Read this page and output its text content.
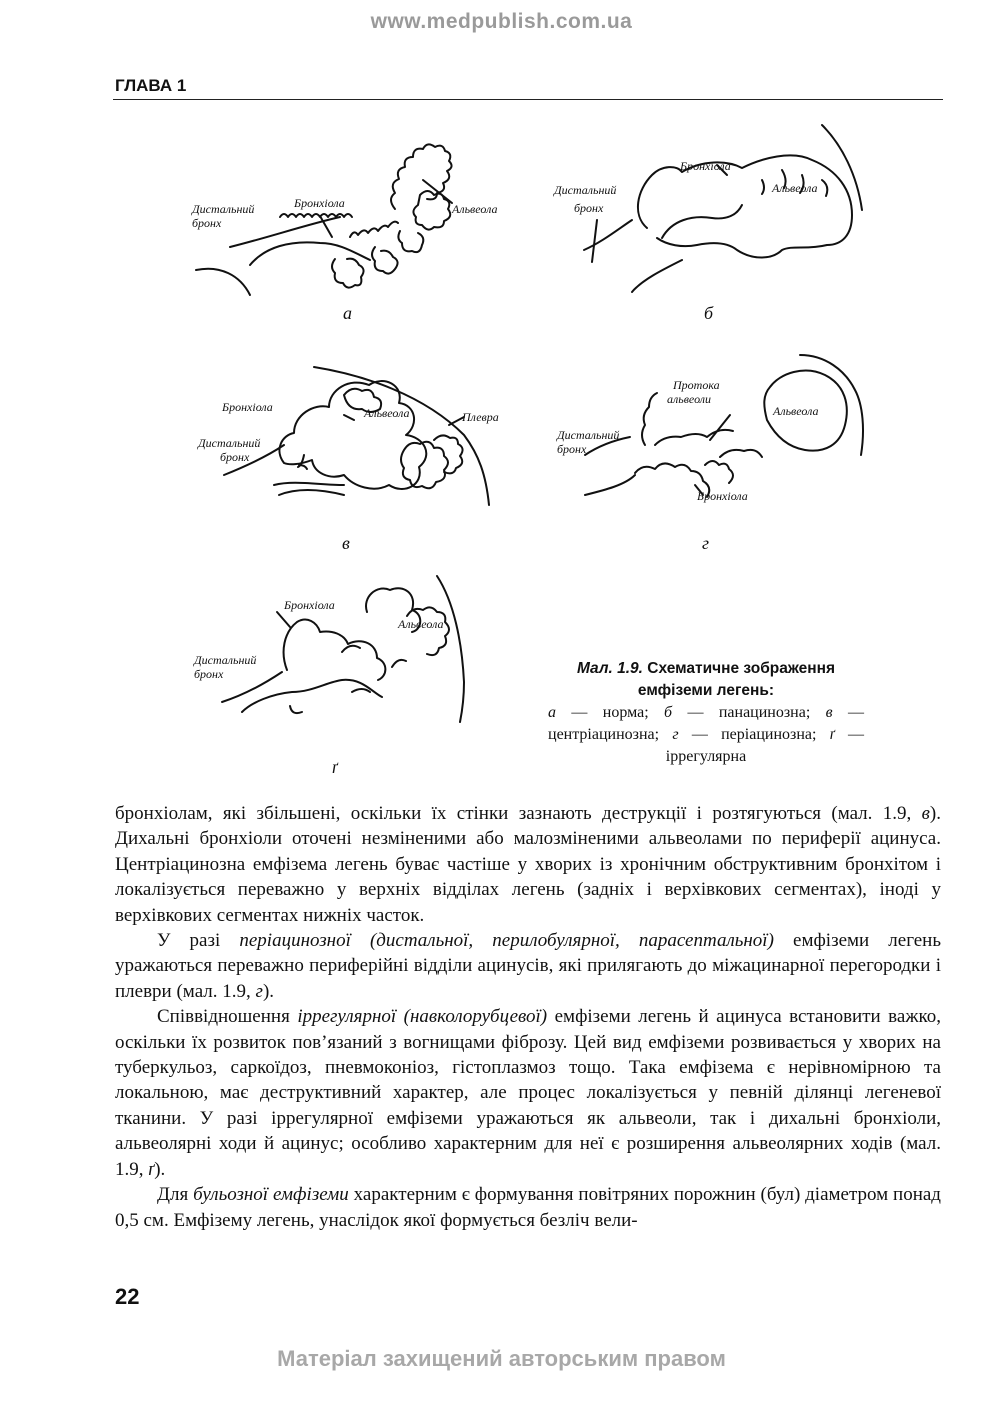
www.medpublish.com.ua
ГЛАВА 1
Дистальний
бронх
Бронхіола	Альвеола
а
Дистальний
бронх
Бронхіола
Альвеола
б
Бронхіола
Дистальний
бронх
Альвеола	Плевра
в
Протока
альвеоли
Дистальний
бронх
Альвеола
Бронхіола
г
Бронхіола
Дистальний
бронх
Альвеола
ґ
Мал. 1.9. Схематичне зображення емфіземи легень:
а — норма; б — панацинозна; в — центріацинозна; г — періацинозна; ґ — іррегулярна

бронхіолам, які збільшені, оскільки їх стінки зазнають деструкції і розтягуються (мал. 1.9, в). Дихальні бронхіоли оточені незміненими або малозміненими альвеолами по периферії ацинуса. Центріацинозна емфізема легень буває частіше у хворих із хронічним обструктивним бронхітом і локалізується переважно у верхніх відділах легень (задніх і верхівкових сегментах), іноді у верхівкових сегментах нижніх часток.

У разі періацинозної (дистальної, перилобулярної, парасептальної) емфіземи легень уражаються переважно периферійні відділи ацинусів, які прилягають до міжацинарної перегородки і плеври (мал. 1.9, г).

Співвідношення іррегулярної (навколорубцевої) емфіземи легень й ацинуса встановити важко, оскільки їх розвиток пов’язаний з вогнищами фіброзу. Цей вид емфіземи розвивається у хворих на туберкульоз, саркоїдоз, пневмоконіоз, гістоплазмоз тощо. Така емфізема є нерівномірною та локальною, має деструктивний характер, але процес локалізується у певній ділянці легеневої тканини. У разі іррегулярної емфіземи уражаються як альвеоли, так і дихальні бронхіоли, альвеолярні ходи й ацинус; особливо характерним для неї є розширення альвеолярних ходів (мал. 1.9, ґ).

Для бульозної емфіземи характерним є формування повітряних порожнин (бул) діаметром понад 0,5 см. Емфізему легень, унаслідок якої формується безліч вели-

22
Матеріал захищений авторським правом
